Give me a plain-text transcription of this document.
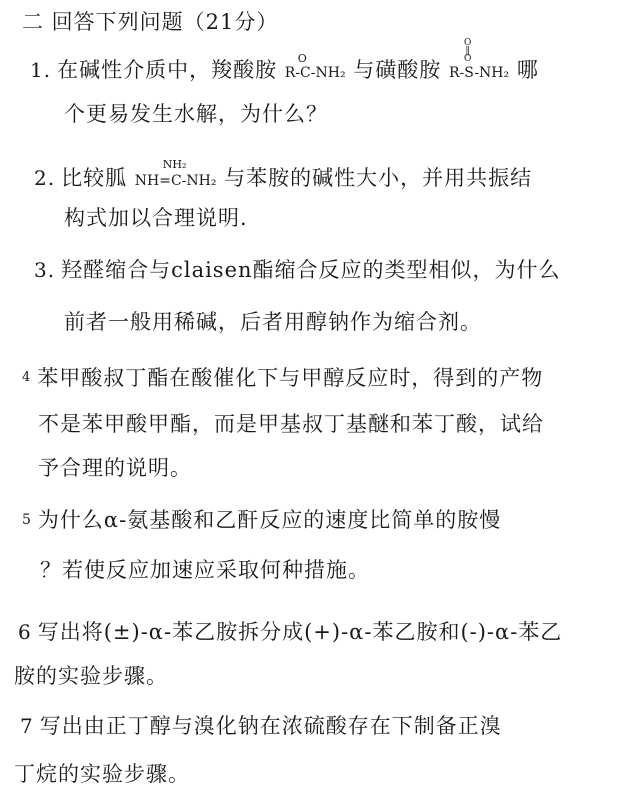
二 回答下列问题（21分）
1. 在碱性介质中，羧酸胺 O
R-C-NH₂ 与磺酸胺 R-S-NH₂
O
‖
O 哪
个更易发生水解，为什么？
2. 比较胍
NH₂
NH=C-NH₂ 与苯胺的碱性大小，并用共振结
构式加以合理说明.
3. 羟醛缩合与claisen酯缩合反应的类型相似，为什么
前者一般用稀碱，后者用醇钠作为缩合剂。
$^4$ 苯甲酸叔丁酯在酸催化下与甲醇反应时，得到的产物
不是苯甲酸甲酯，而是甲基叔丁基醚和苯丁酸，试给
予合理的说明。
$^5$ 为什么α-氨基酸和乙酐反应的速度比简单的胺慢
？若使反应加速应采取何种措施。
6 写出将(±)-α-苯乙胺拆分成(+)-α-苯乙胺和(-)-α-苯乙
胺的实验步骤。
7 写出由正丁醇与溴化钠在浓硫酸存在下制备正溴
丁烷的实验步骤。
